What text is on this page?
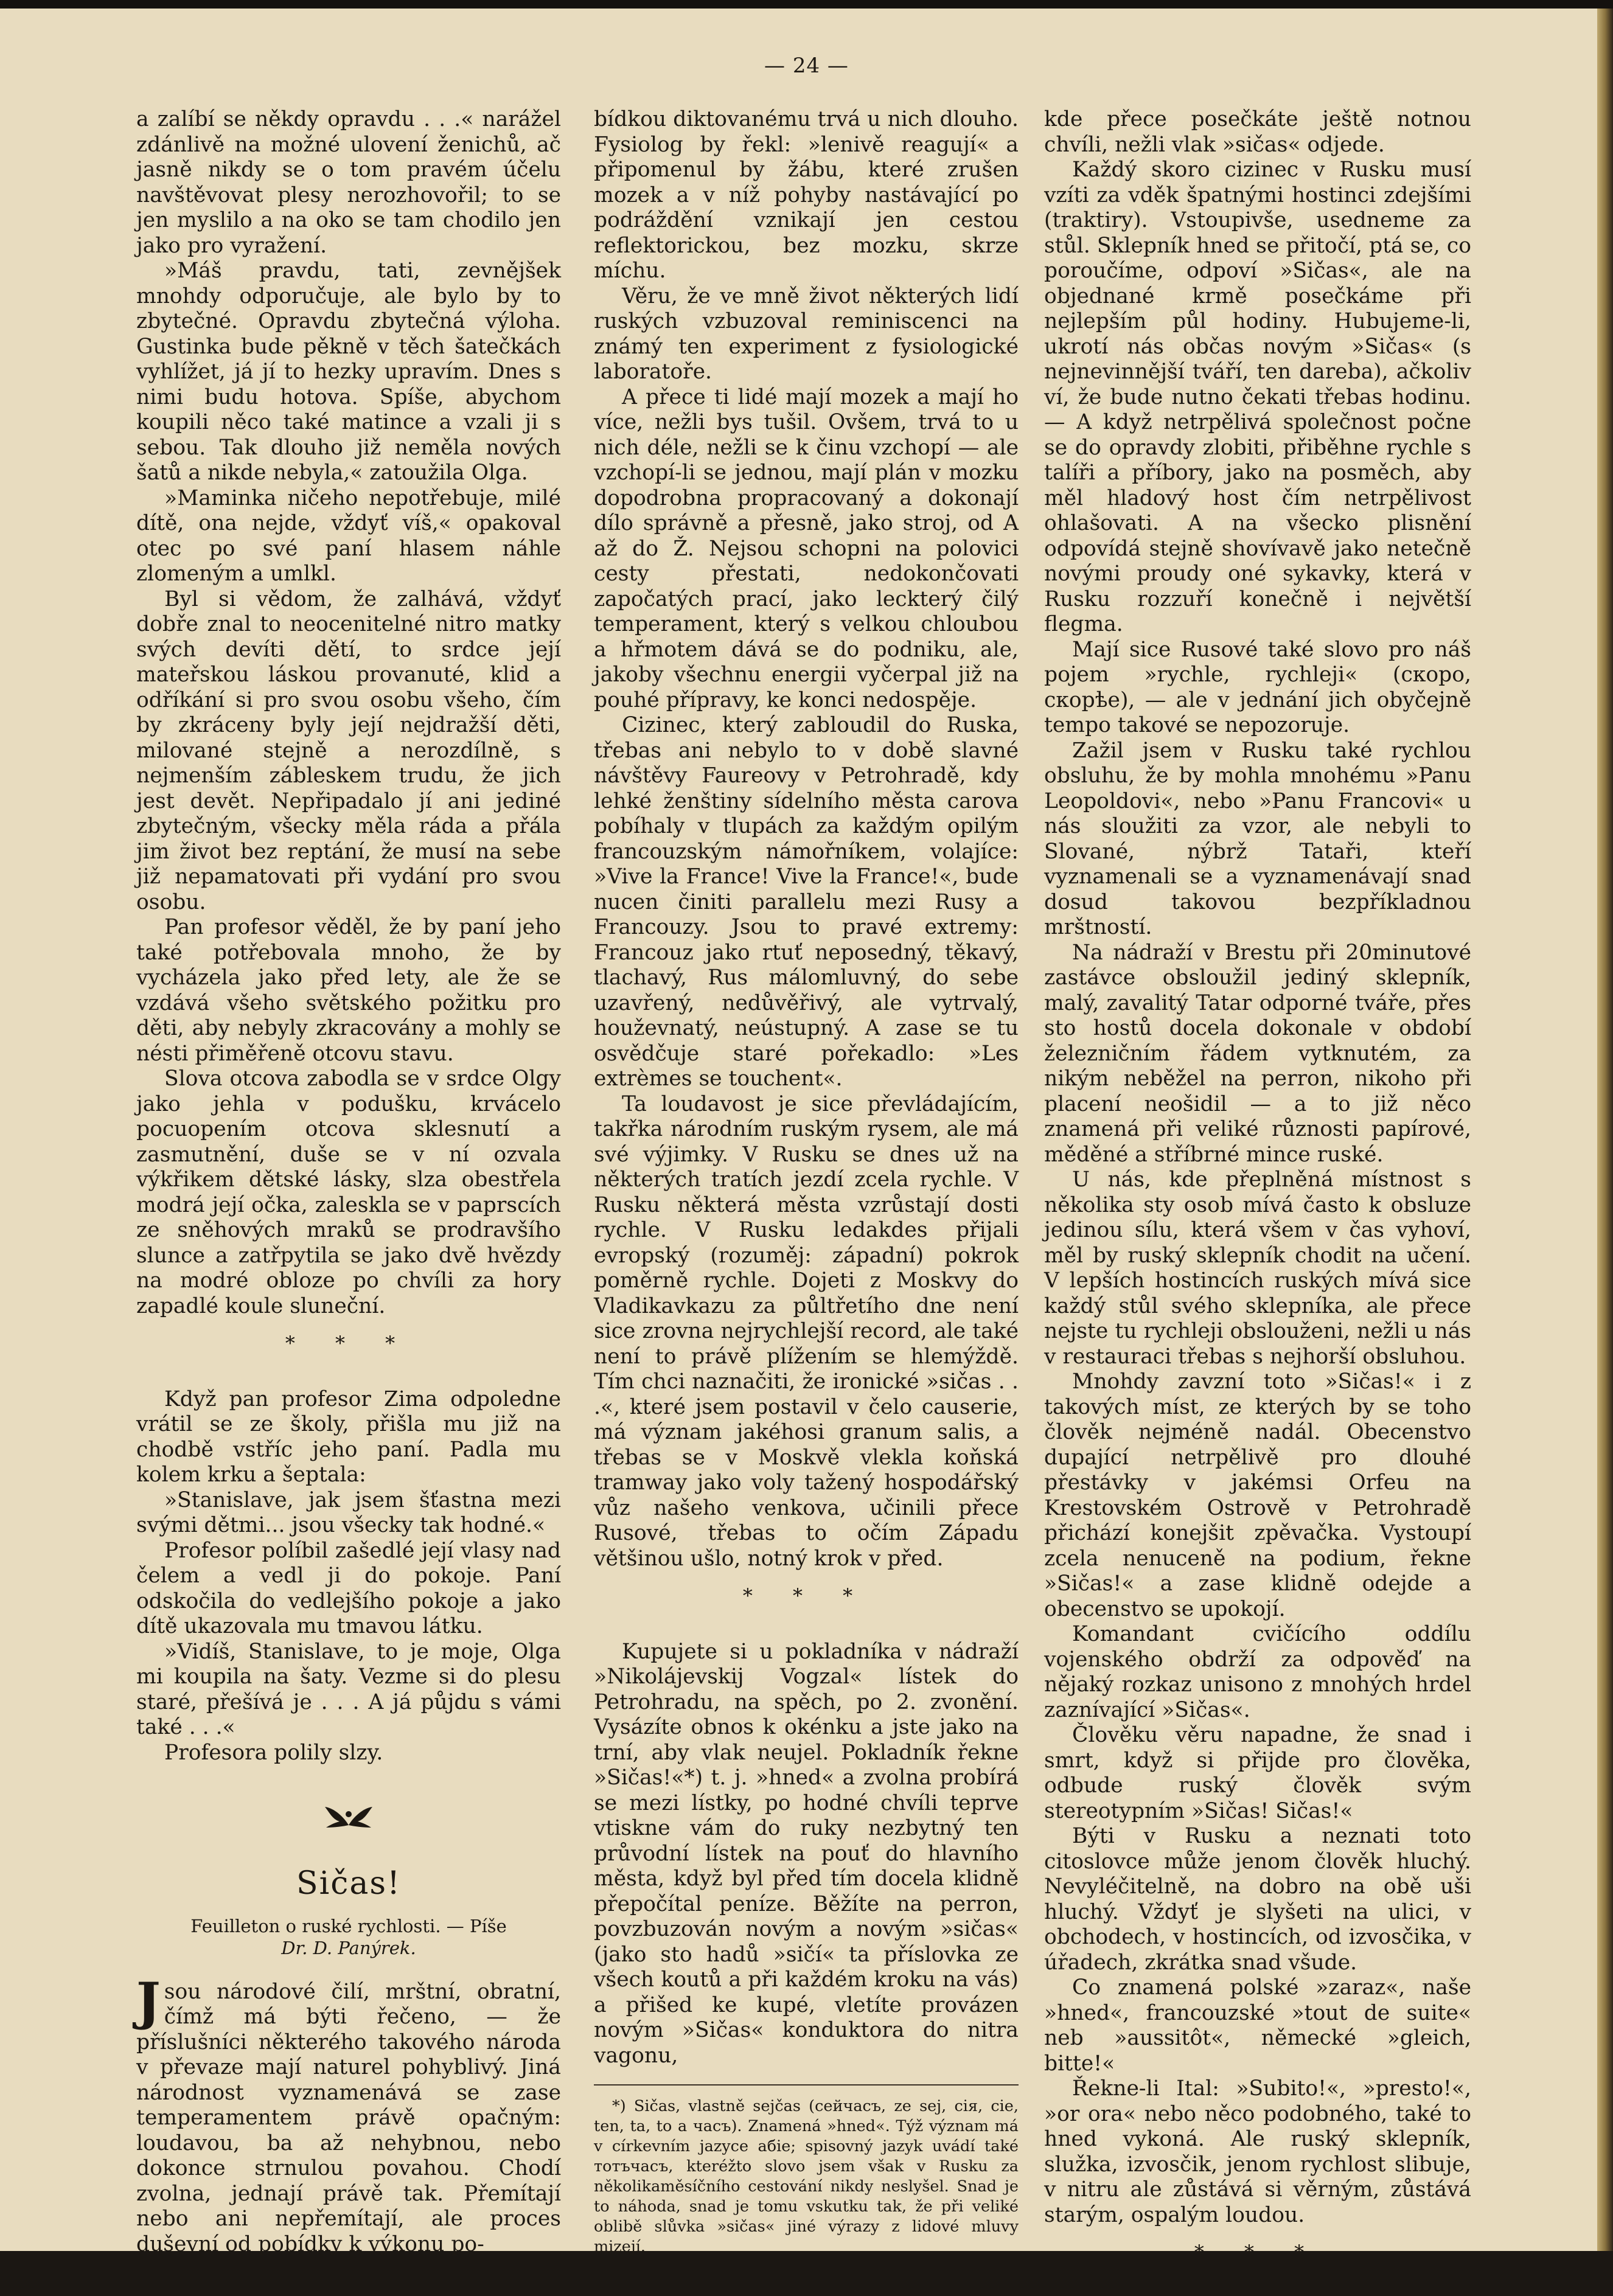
— 24 —

a zalíbí se někdy opravdu . . .« narážel zdánlivě na možné ulovení ženichů, ač jasně nikdy se o tom pravém účelu navštěvovat plesy nerozhovořil; to se jen myslilo a na oko se tam chodilo jen jako pro vyražení.

»Máš pravdu, tati, zevnějšek mnohdy odporučuje, ale bylo by to zbytečné. Opravdu zbytečná výloha. Gustinka bude pěkně v těch šatečkách vyhlížet, já jí to hezky upravím. Dnes s nimi budu hotova. Spíše, abychom koupili něco také matince a vzali ji s sebou. Tak dlouho již neměla nových šatů a nikde nebyla,« zatoužila Olga.

»Maminka ničeho nepotřebuje, milé dítě, ona nejde, vždyť víš,« opakoval otec po své paní hlasem náhle zlomeným a umlkl.

Byl si vědom, že zalhává, vždyť dobře znal to neocenitelné nitro matky svých devíti dětí, to srdce její mateřskou láskou provanuté, klid a odříkání si pro svou osobu všeho, čím by zkráceny byly její nejdražší děti, milované stejně a nerozdílně, s nejmenším zábleskem trudu, že jich jest devět. Nepřipadalo jí ani jediné zbytečným, všecky měla ráda a přála jim život bez reptání, že musí na sebe již nepamatovati při vydání pro svou osobu.

Pan profesor věděl, že by paní jeho také potřebovala mnoho, že by vycházela jako před lety, ale že se vzdává všeho světského požitku pro děti, aby nebyly zkracovány a mohly se nésti přiměřeně otcovu stavu.

Slova otcova zabodla se v srdce Olgy jako jehla v podušku, krvácelo pocuopením otcova sklesnutí a zasmutnění, duše se v ní ozvala výkřikem dětské lásky, slza obestřela modrá její očka, zaleskla se v paprscích ze sněhových mraků se prodravšího slunce a zatřpytila se jako dvě hvězdy na modré obloze po chvíli za hory zapadlé koule sluneční.

* * *

Když pan profesor Zima odpoledne vrátil se ze školy, přišla mu již na chodbě vstříc jeho paní. Padla mu kolem krku a šeptala:

»Stanislave, jak jsem šťastna mezi svými dětmi... jsou všecky tak hodné.«

Profesor políbil zašedlé její vlasy nad čelem a vedl ji do pokoje. Paní odskočila do vedlejšího pokoje a jako dítě ukazovala mu tmavou látku.

»Vidíš, Stanislave, to je moje, Olga mi koupila na šaty. Vezme si do plesu staré, přešívá je . . . A já půjdu s vámi také . . .«

Profesora polily slzy.

Sičas!
Feuilleton o ruské rychlosti. — Píše
Dr. D. Panýrek.

Jsou národové čilí, mrštní, obratní, čímž má býti řečeno, — že příslušníci některého takového národa v převaze mají naturel pohyblivý. Jiná národnost vyznamenává se zase temperamentem právě opačným: loudavou, ba až nehybnou, nebo dokonce strnulou povahou. Chodí zvolna, jednají právě tak. Přemítají nebo ani nepřemítají, ale proces duševní od pobídky k výkonu po-

bídkou diktovanému trvá u nich dlouho. Fysiolog by řekl: »lenivě reagují« a připomenul by žábu, které zrušen mozek a v níž pohyby nastávající po podráždění vznikají jen cestou reflektorickou, bez mozku, skrze míchu.

Věru, že ve mně život některých lidí ruských vzbuzoval reminiscenci na známý ten experiment z fysiologické laboratoře.

A přece ti lidé mají mozek a mají ho více, nežli bys tušil. Ovšem, trvá to u nich déle, nežli se k činu vzchopí — ale vzchopí-li se jednou, mají plán v mozku dopodrobna propracovaný a dokonají dílo správně a přesně, jako stroj, od A až do Ž. Nejsou schopni na polovici cesty přestati, nedokončovati započatých prací, jako leckterý čilý temperament, který s velkou chloubou a hřmotem dává se do podniku, ale, jakoby všechnu energii vyčerpal již na pouhé přípravy, ke konci nedospěje.

Cizinec, který zabloudil do Ruska, třebas ani nebylo to v době slavné návštěvy Faureovy v Petrohradě, kdy lehké ženštiny sídelního města carova pobíhaly v tlupách za každým opilým francouzským námořníkem, volajíce: »Vive la France! Vive la France!«, bude nucen činiti parallelu mezi Rusy a Francouzy. Jsou to pravé extremy: Francouz jako rtuť neposedný, těkavý, tlachavý, Rus málomluvný, do sebe uzavřený, nedůvěřivý, ale vytrvalý, houževnatý, neústupný. A zase se tu osvědčuje staré pořekadlo: »Les extrèmes se touchent«.

Ta loudavost je sice převládajícím, takřka národním ruským rysem, ale má své výjimky. V Rusku se dnes už na některých tratích jezdí zcela rychle. V Rusku některá města vzrůstají dosti rychle. V Rusku ledakdes přijali evropský (rozuměj: západní) pokrok poměrně rychle. Dojeti z Moskvy do Vladikavkazu za půltřetího dne není sice zrovna nejrychlejší record, ale také není to právě plížením se hlemýždě. Tím chci naznačiti, že ironické »sičas . . .«, které jsem postavil v čelo causerie, má význam jakéhosi granum salis, a třebas se v Moskvě vlekla koňská tramway jako voly tažený hospodářský vůz našeho venkova, učinili přece Rusové, třebas to očím Západu většinou ušlo, notný krok v před.

* * *

Kupujete si u pokladníka v nádraží »Nikolájevskij Vogzal« lístek do Petrohradu, na spěch, po 2. zvonění. Vysázíte obnos k okénku a jste jako na trní, aby vlak neujel. Pokladník řekne »Sičas!«*) t. j. »hned« a zvolna probírá se mezi lístky, po hodné chvíli teprve vtiskne vám do ruky nezbytný ten průvodní lístek na pouť do hlavního města, když byl před tím docela klidně přepočítal peníze. Běžíte na perron, povzbuzován novým a novým »sičas« (jako sto hadů »sičí« ta příslovka ze všech koutů a při každém kroku na vás) a přišed ke kupé, vletíte provázen novým »Sičas« konduktora do nitra vagonu,

*) Sičas, vlastně sejčas (сейчасъ, ze sej, сія, сіе, ten, ta, to a часъ). Znamená »hned«. Týž význam má v církevním jazyce абіе; spisovný jazyk uvádí také тотъчасъ, kteréžto slovo jsem však v Rusku za několikaměsíčního cestování nikdy neslyšel. Snad je to náhoda, snad je tomu vskutku tak, že při veliké oblibě slůvka »sičas« jiné výrazy z lidové mluvy mizejí.

kde přece posečkáte ještě notnou chvíli, nežli vlak »sičas« odjede.

Každý skoro cizinec v Rusku musí vzíti za vděk špatnými hostinci zdejšími (traktiry). Vstoupivše, usedneme za stůl. Sklepník hned se přitočí, ptá se, co poroučíme, odpoví »Sičas«, ale na objednané krmě posečkáme při nejlepším půl hodiny. Hubujeme-li, ukrotí nás občas novým »Sičas« (s nejnevinnější tváří, ten dareba), ačkoliv ví, že bude nutno čekati třebas hodinu. — A když netrpělivá společnost počne se do opravdy zlobiti, přiběhne rychle s talíři a příbory, jako na posměch, aby měl hladový host čím netrpělivost ohlašovati. A na všecko plisnění odpovídá stejně shovívavě jako netečně novými proudy oné sykavky, která v Rusku rozzuří konečně i největší flegma.

Mají sice Rusové také slovo pro náš pojem »rychle, rychleji« (скоро, скорѣе), — ale v jednání jich obyčejně tempo takové se nepozoruje.

Zažil jsem v Rusku také rychlou obsluhu, že by mohla mnohému »Panu Leopoldovi«, nebo »Panu Francovi« u nás sloužiti za vzor, ale nebyli to Slované, nýbrž Tataři, kteří vyznamenali se a vyznamenávají snad dosud takovou bezpříkladnou mrštností.

Na nádraží v Brestu při 20minutové zastávce obsloužil jediný sklepník, malý, zavalitý Tatar odporné tváře, přes sto hostů docela dokonale v období železničním řádem vytknutém, za nikým neběžel na perron, nikoho při placení neošidil — a to již něco znamená při veliké různosti papírové, měděné a stříbrné mince ruské.

U nás, kde přeplněná místnost s několika sty osob mívá často k obsluze jedinou sílu, která všem v čas vyhoví, měl by ruský sklepník chodit na učení. V lepších hostincích ruských mívá sice každý stůl svého sklepníka, ale přece nejste tu rychleji obslouženi, nežli u nás v restauraci třebas s nejhorší obsluhou.

Mnohdy zavzní toto »Sičas!« i z takových míst, ze kterých by se toho člověk nejméně nadál. Obecenstvo dupající netrpělivě pro dlouhé přestávky v jakémsi Orfeu na Krestovském Ostrově v Petrohradě přichází konejšit zpěvačka. Vystoupí zcela nenuceně na podium, řekne »Sičas!« a zase klidně odejde a obecenstvo se upokojí.

Komandant cvičícího oddílu vojenského obdrží za odpověď na nějaký rozkaz unisono z mnohých hrdel zaznívající »Sičas«.

Člověku věru napadne, že snad i smrt, když si přijde pro člověka, odbude ruský člověk svým stereotypním »Sičas! Sičas!«

Býti v Rusku a neznati toto citoslovce může jenom člověk hluchý. Nevyléčitelně, na dobro na obě uši hluchý. Vždyť je slyšeti na ulici, v obchodech, v hostincích, od izvosčika, v úřadech, zkrátka snad všude.

Co znamená polské »zaraz«, naše »hned«, francouzské »tout de suite« neb »aussitôt«, německé »gleich, bitte!«

Řekne-li Ital: »Subito!«, »presto!«, »or ora« nebo něco podobného, také to hned vykoná. Ale ruský sklepník, služka, izvosčik, jenom rychlost slibuje, v nitru ale zůstává si věrným, zůstává starým, ospalým loudou.

* * *
